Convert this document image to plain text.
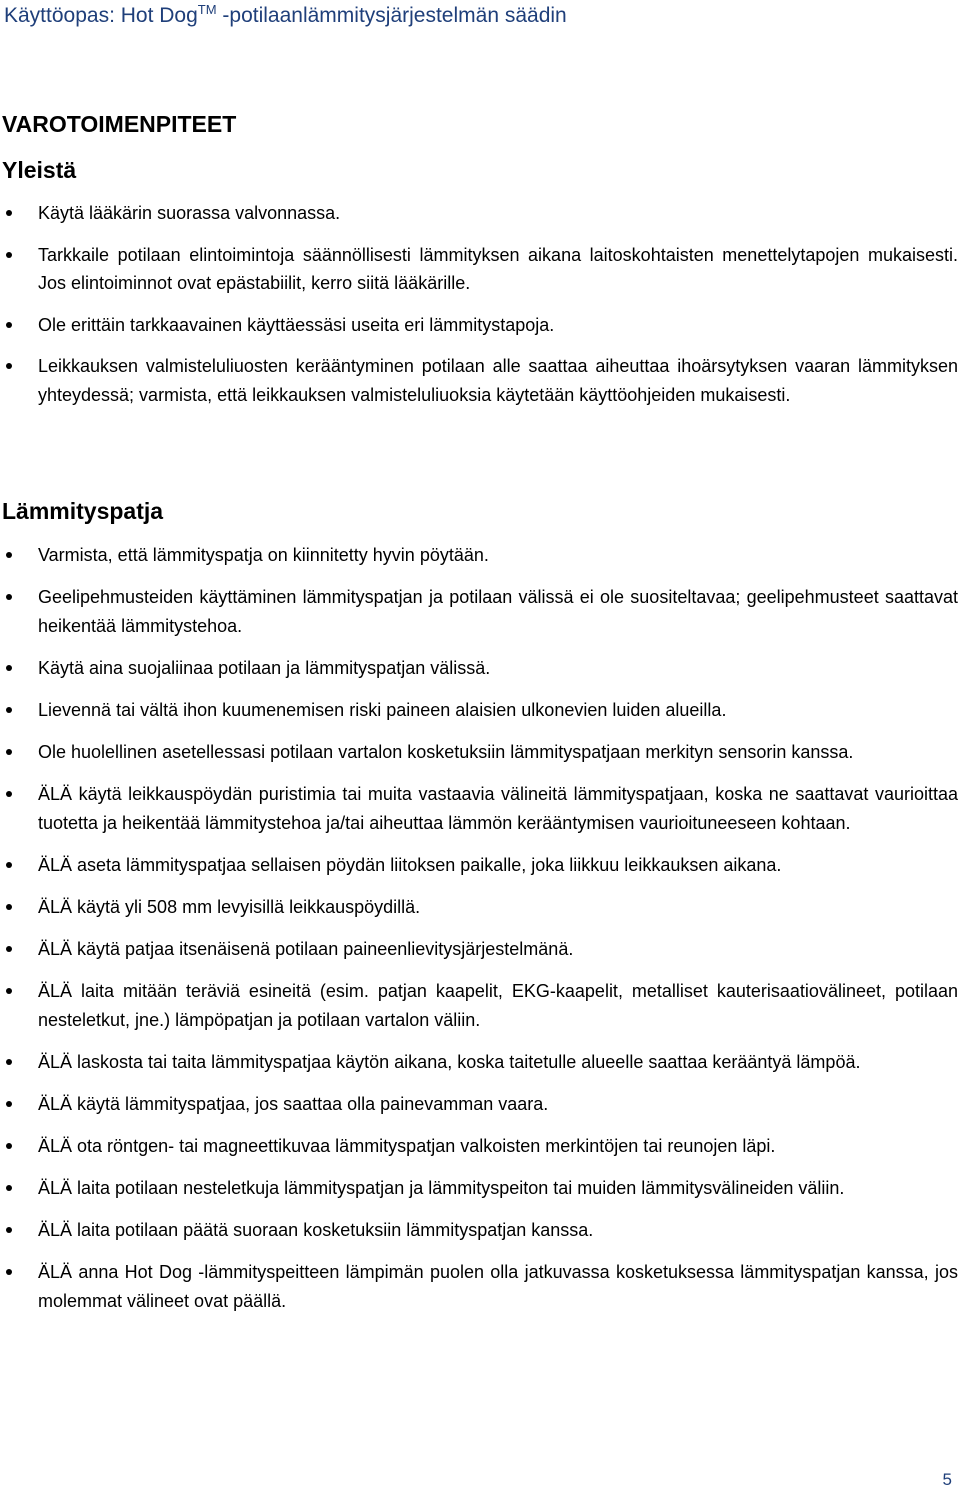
Käyttöopas: Hot Dog™ -potilaanlämmitysjärjestelmän säädin
VAROTOIMENPITEET
Yleistä
Käytä lääkärin suorassa valvonnassa.
Tarkkaile potilaan elintoimintoja säännöllisesti lämmityksen aikana laitoskohtaisten menettelytapojen mukaisesti. Jos elintoiminnot ovat epästabiilit, kerro siitä lääkärille.
Ole erittäin tarkkaavainen käyttäessäsi useita eri lämmitystapoja.
Leikkauksen valmisteluliuosten kerääntyminen potilaan alle saattaa aiheuttaa ihoärsytyksen vaaran lämmityksen yhteydessä; varmista, että leikkauksen valmisteluliuoksia käytetään käyttöohjeiden mukaisesti.
Lämmityspatja
Varmista, että lämmityspatja on kiinnitetty hyvin pöytään.
Geelipehmusteiden käyttäminen lämmityspatjan ja potilaan välissä ei ole suositeltavaa; geelipehmusteet saattavat heikentää lämmitystehoa.
Käytä aina suojaliinaa potilaan ja lämmityspatjan välissä.
Lievennä tai vältä ihon kuumenemisen riski paineen alaisien ulkonevien luiden alueilla.
Ole huolellinen asetellessasi potilaan vartalon kosketuksiin lämmityspatjaan merkityn sensorin kanssa.
ÄLÄ käytä leikkauspöydän puristimia tai muita vastaavia välineitä lämmityspatjaan, koska ne saattavat vaurioittaa tuotetta ja heikentää lämmitystehoa ja/tai aiheuttaa lämmön kerääntymisen vaurioituneeseen kohtaan.
ÄLÄ aseta lämmityspatjaa sellaisen pöydän liitoksen paikalle, joka liikkuu leikkauksen aikana.
ÄLÄ käytä yli 508 mm levyisillä leikkauspöydillä.
ÄLÄ käytä patjaa itsenäisenä potilaan paineenlievitysjärjestelmänä.
ÄLÄ laita mitään teräviä esineitä (esim. patjan kaapelit, EKG-kaapelit, metalliset kauterisaatiovälineet, potilaan nesteletkut, jne.) lämpöpatjan ja potilaan vartalon väliin.
ÄLÄ laskosta tai taita lämmityspatjaa käytön aikana, koska taitetulle alueelle saattaa kerääntyä lämpöä.
ÄLÄ käytä lämmityspatjaa, jos saattaa olla painevamman vaara.
ÄLÄ ota röntgen- tai magneettikuvaa lämmityspatjan valkoisten merkintöjen tai reunojen läpi.
ÄLÄ laita potilaan nesteletkuja lämmityspatjan ja lämmityspeiton tai muiden lämmitysvälineiden väliin.
ÄLÄ laita potilaan päätä suoraan kosketuksiin lämmityspatjan kanssa.
ÄLÄ anna Hot Dog -lämmityspeitteen lämpimän puolen olla jatkuvassa kosketuksessa lämmityspatjan kanssa, jos molemmat välineet ovat päällä.
5
